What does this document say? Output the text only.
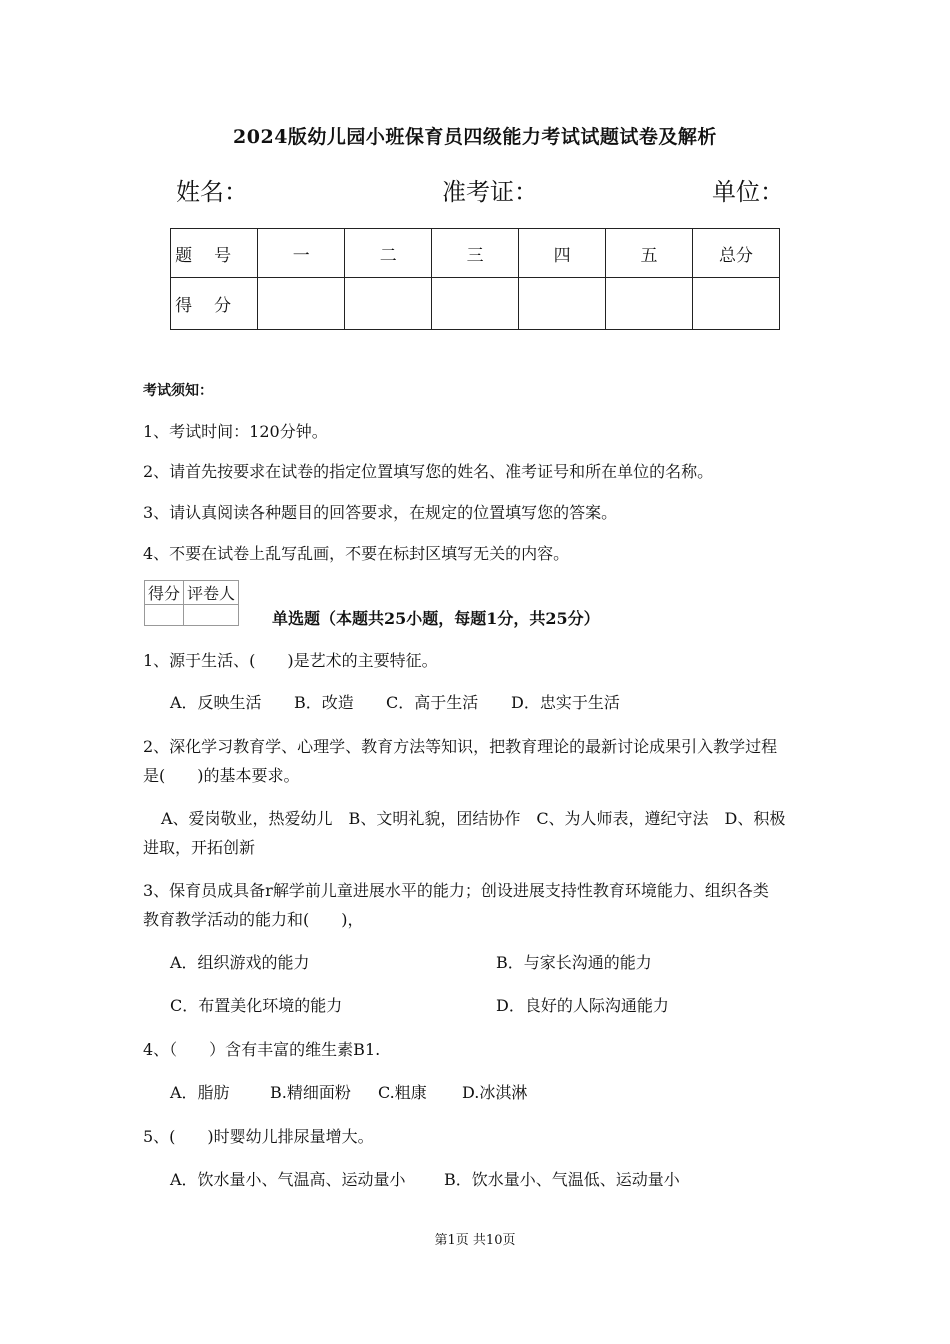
2024版幼儿园小班保育员四级能力考试试题试卷及解析
姓名：	准考证：	单位：
题号	一	二	三	四	五	总分
得分						
考试须知：
1、考试时间：120分钟。
2、请首先按要求在试卷的指定位置填写您的姓名、准考证号和所在单位的名称。
3、请认真阅读各种题目的回答要求，在规定的位置填写您的答案。
4、不要在试卷上乱写乱画，不要在标封区填写无关的内容。
得分	评卷人

单选题（本题共25小题，每题1分，共25分）
1、源于生活、(　　)是艺术的主要特征。
A．反映生活 B．改造 C．高于生活 D．忠实于生活
2、深化学习教育学、心理学、教育方法等知识，把教育理论的最新讨论成果引入教学过程
是(　　)的基本要求。
A、爱岗敬业，热爱幼儿　B、文明礼貌，团结协作　C、为人师表，遵纪守法　D、积极
进取，开拓创新
3、保育员成具备r解学前儿童进展水平的能力；创设进展支持性教育环境能力、组织各类
教育教学活动的能力和(　　)，
A．组织游戏的能力	B．与家长沟通的能力
C．布置美化环境的能力	D．良好的人际沟通能力
4、（　　）含有丰富的维生素B1.
A．脂肪	B.精细面粉 C.粗康 D.冰淇淋
5、(　　)时婴幼儿排尿量增大。
A．饮水量小、气温高、运动量小 B．饮水量小、气温低、运动量小
第1页 共10页
